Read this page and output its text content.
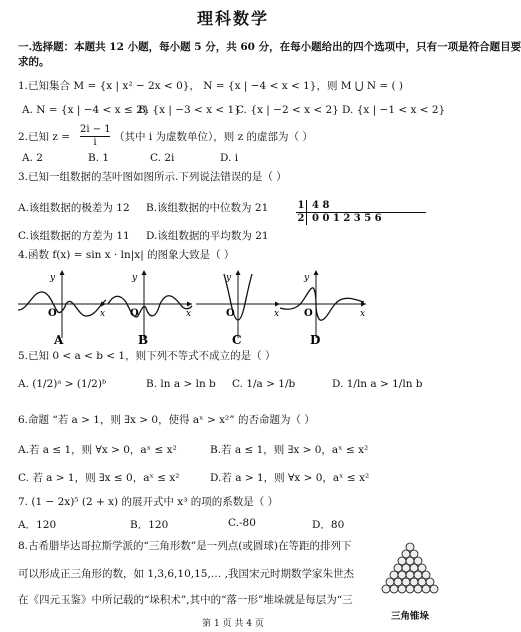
理科数学
一.选择题：本题共 12 小题，每小题 5 分，共 60 分，在每小题给出的四个选项中，只有一项是符合题目要
求的。
1.已知集合 M = {x | x² − 2x < 0}， N = {x | −4 < x < 1}，则 M ⋃ N = ( )
A. N = {x | −4 < x ≤ 2}
B. {x | −3 < x < 1}
C. {x | −2 < x < 2} D. {x | −1 < x < 2}
2.已知 $z = \frac{2i - 1}{i}$ （其中 i 为虚数单位），则 z 的虚部为（ ）
A. 2	B. 1	C. 2i	D. i
3.已知一组数据的茎叶图如图所示.下列说法错误的是（ ）
A.该组数据的极差为 12 B.该组数据的中位数为 21
C.该组数据的方差为 11 D.该组数据的平均数为 21
1 4 8
2 0 0 1 2 3 5 6
4.函数 f(x) = sin x · ln|x| 的图象大致是（ ）
y
x
O
A
y
x
O
B
y
x
O
C
y
x
O
D
5.已知 0 < a < b < 1，则下列不等式不成立的是（ ）
A. (1/2)ᵃ > (1/2)ᵇ	B. ln a > ln b C. 1/a > 1/b	D. 1/ln a > 1/ln b
6.命题 “若 a > 1，则 ∃x > 0，使得 aˣ > x²” 的否命题为（ ）
A.若 a ≤ 1，则 ∀x > 0，aˣ ≤ x²	B.若 a ≤ 1，则 ∃x > 0，aˣ ≤ x²
C. 若 a > 1，则 ∃x ≤ 0，aˣ ≤ x²	D.若 a > 1，则 ∀x > 0，aˣ ≤ x²
7. (1 − 2x)⁵ (2 + x) 的展开式中 x³ 的项的系数是（ ）
A．120	B．120	C.-80	D．80
8.古希腊毕达哥拉斯学派的“三角形数”是一列点(或圆球)在等距的排列下
可以形成正三角形的数，如 1,3,6,10,15,… ,我国宋元时期数学家朱世杰
在《四元玉鉴》中所记载的“垛积术”,其中的“落一形”堆垛就是每层为“三
三角锥垛
第 1 页 共 4 页
